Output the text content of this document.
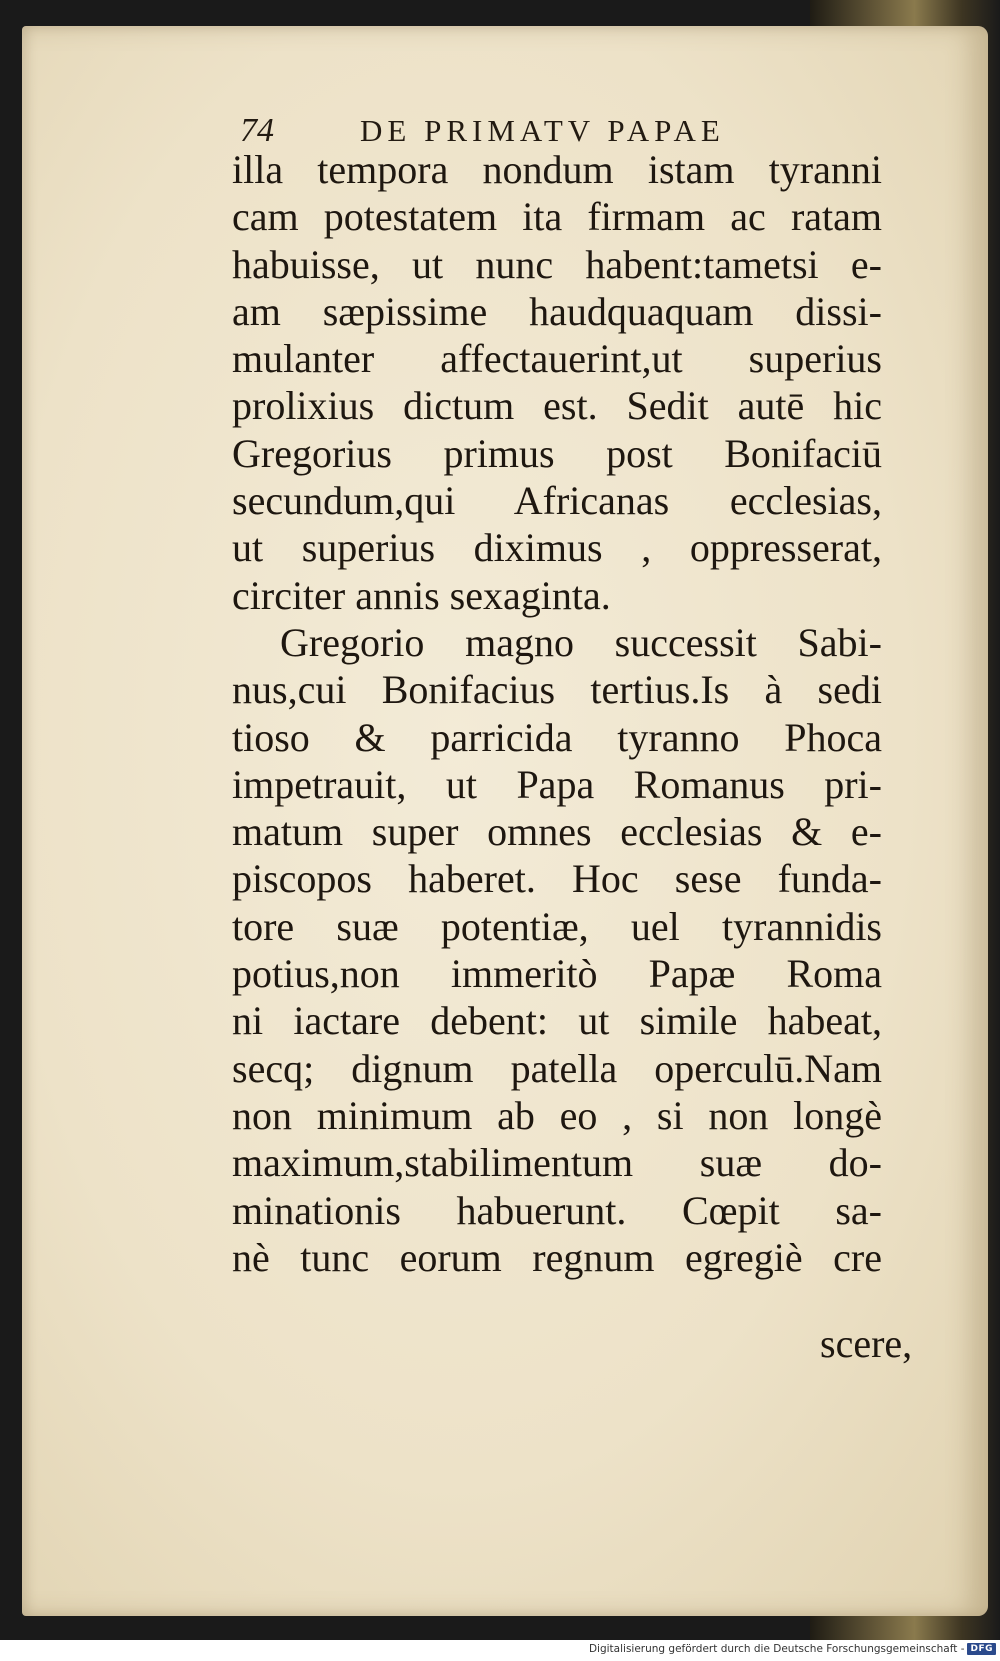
74	DE PRIMATV PAPAE
illa tempora nondum istam tyranni
cam potestatem ita firmam ac ratam
habuisse, ut nunc habent:tametsi e-
am sæpissime haudquaquam dissi-
mulanter affectauerint,ut superius
prolixius dictum est. Sedit autē hic
Gregorius primus post Bonifaciū
secundum,qui Africanas ecclesias,
ut superius diximus , oppresserat,
circiter annis sexaginta.
Gregorio magno successit Sabi-
nus,cui Bonifacius tertius.Is à sedi
tioso & parricida tyranno Phoca
impetrauit, ut Papa Romanus pri-
matum super omnes ecclesias & e-
piscopos haberet. Hoc sese funda-
tore suæ potentiæ, uel tyrannidis
potius,non immeritò Papæ Roma
ni iactare debent: ut simile habeat,
secq; dignum patella operculū.Nam
non minimum ab eo , si non longè
maximum,stabilimentum suæ do-
minationis habuerunt. Cœpit sa-
nè tunc eorum regnum egregiè cre
scere,
Digitalisierung gefördert durch die Deutsche Forschungsgemeinschaft - DFG
